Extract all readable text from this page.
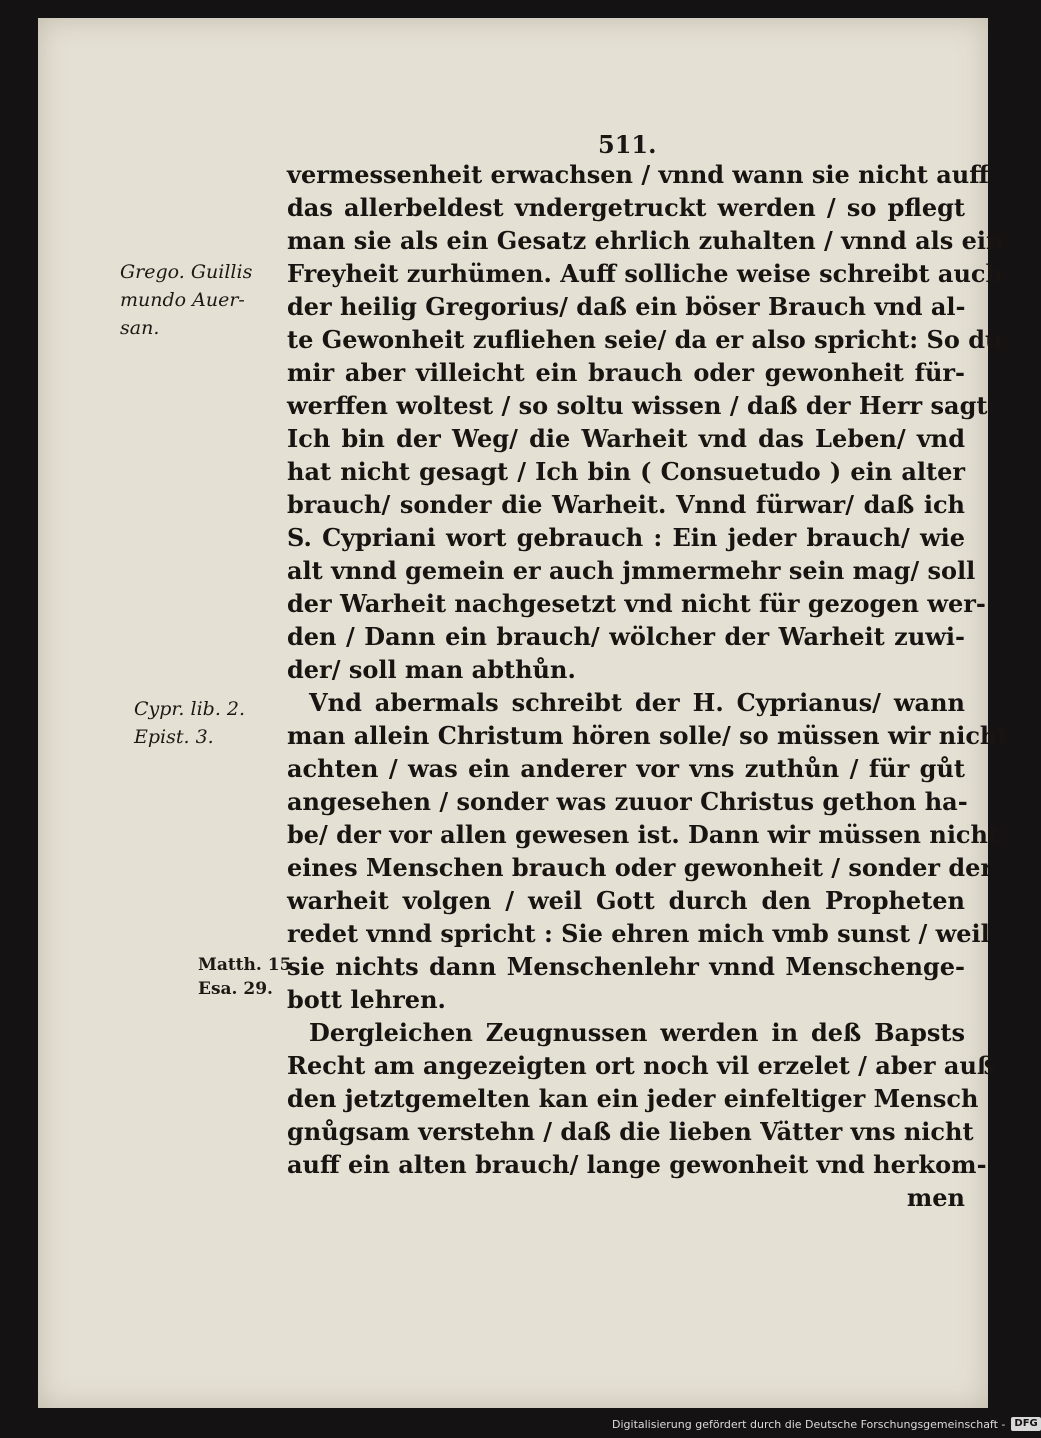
511.
vermessenheit erwachsen / vnnd wann sie nicht auff
das allerbeldest vndergetruckt werden / so pflegt
man sie als ein Gesatz ehrlich zuhalten / vnnd als ein
Freyheit zurhümen. Auff solliche weise schreibt auch
der heilig Gregorius/ daß ein böser Brauch vnd al-
te Gewonheit zufliehen seie/ da er also spricht: So du
mir aber villeicht ein brauch oder gewonheit für-
werffen woltest / so soltu wissen / daß der Herr sagt:
Ich bin der Weg/ die Warheit vnd das Leben/ vnd
hat nicht gesagt / Ich bin ( Consuetudo ) ein alter
brauch/ sonder die Warheit. Vnnd fürwar/ daß ich
S. Cypriani wort gebrauch : Ein jeder brauch/ wie
alt vnnd gemein er auch jmmermehr sein mag/ soll
der Warheit nachgesetzt vnd nicht für gezogen wer-
den / Dann ein brauch/ wölcher der Warheit zuwi-
der/ soll man abthůn.
Vnd abermals schreibt der H. Cyprianus/ wann
man allein Christum hören solle/ so müssen wir nicht
achten / was ein anderer vor vns zuthůn / für gůt
angesehen / sonder was zuuor Christus gethon ha-
be/ der vor allen gewesen ist. Dann wir müssen nicht
eines Menschen brauch oder gewonheit / sonder der
warheit volgen / weil Gott durch den Propheten
redet vnnd spricht : Sie ehren mich vmb sunst / weil
sie nichts dann Menschenlehr vnnd Menschenge-
bott lehren.
Dergleichen Zeugnussen werden in deß Bapsts
Recht am angezeigten ort noch vil erzelet / aber auß
den jetztgemelten kan ein jeder einfeltiger Mensch
gnůgsam verstehn / daß die lieben Vätter vns nicht
auff ein alten brauch/ lange gewonheit vnd herkom-
men
Grego. Guillis
mundo Auer-
san.
Cypr. lib. 2.
Epist. 3.
Matth. 15.
Esa. 29.
Digitalisierung gefördert durch die Deutsche Forschungsgemeinschaft - DFG
